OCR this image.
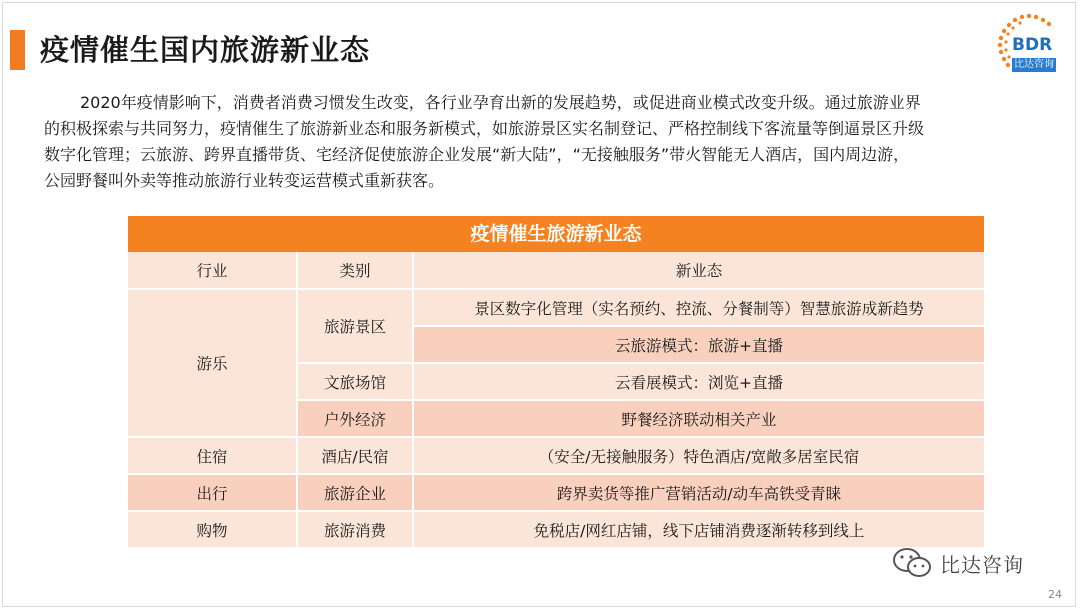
疫情催生国内旅游新业态	BDR
比达咨询

2020年疫情影响下，消费者消费习惯发生改变，各行业孕育出新的发展趋势，或促进商业模式改变升级。通过旅游业界

的积极探索与共同努力，疫情催生了旅游新业态和服务新模式，如旅游景区实名制登记、严格控制线下客流量等倒逼景区升级

数字化管理；云旅游、跨界直播带货、宅经济促使旅游企业发展“新大陆”，“无接触服务”带火智能无人酒店，国内周边游，

公园野餐叫外卖等推动旅游行业转变运营模式重新获客。

疫情催生旅游新业态
行业	类别	新业态
游乐	旅游景区	景区数字化管理（实名预约、控流、分餐制等）智慧旅游成新趋势
		云旅游模式：旅游+直播
	文旅场馆	云看展模式：浏览+直播
	户外经济	野餐经济联动相关产业
住宿	酒店/民宿	（安全/无接触服务）特色酒店/宽敞多居室民宿
出行	旅游企业	跨界卖货等推广营销活动/动车高铁受青睐
购物	旅游消费	免税店/网红店铺，线下店铺消费逐渐转移到线上
比达咨询
24
